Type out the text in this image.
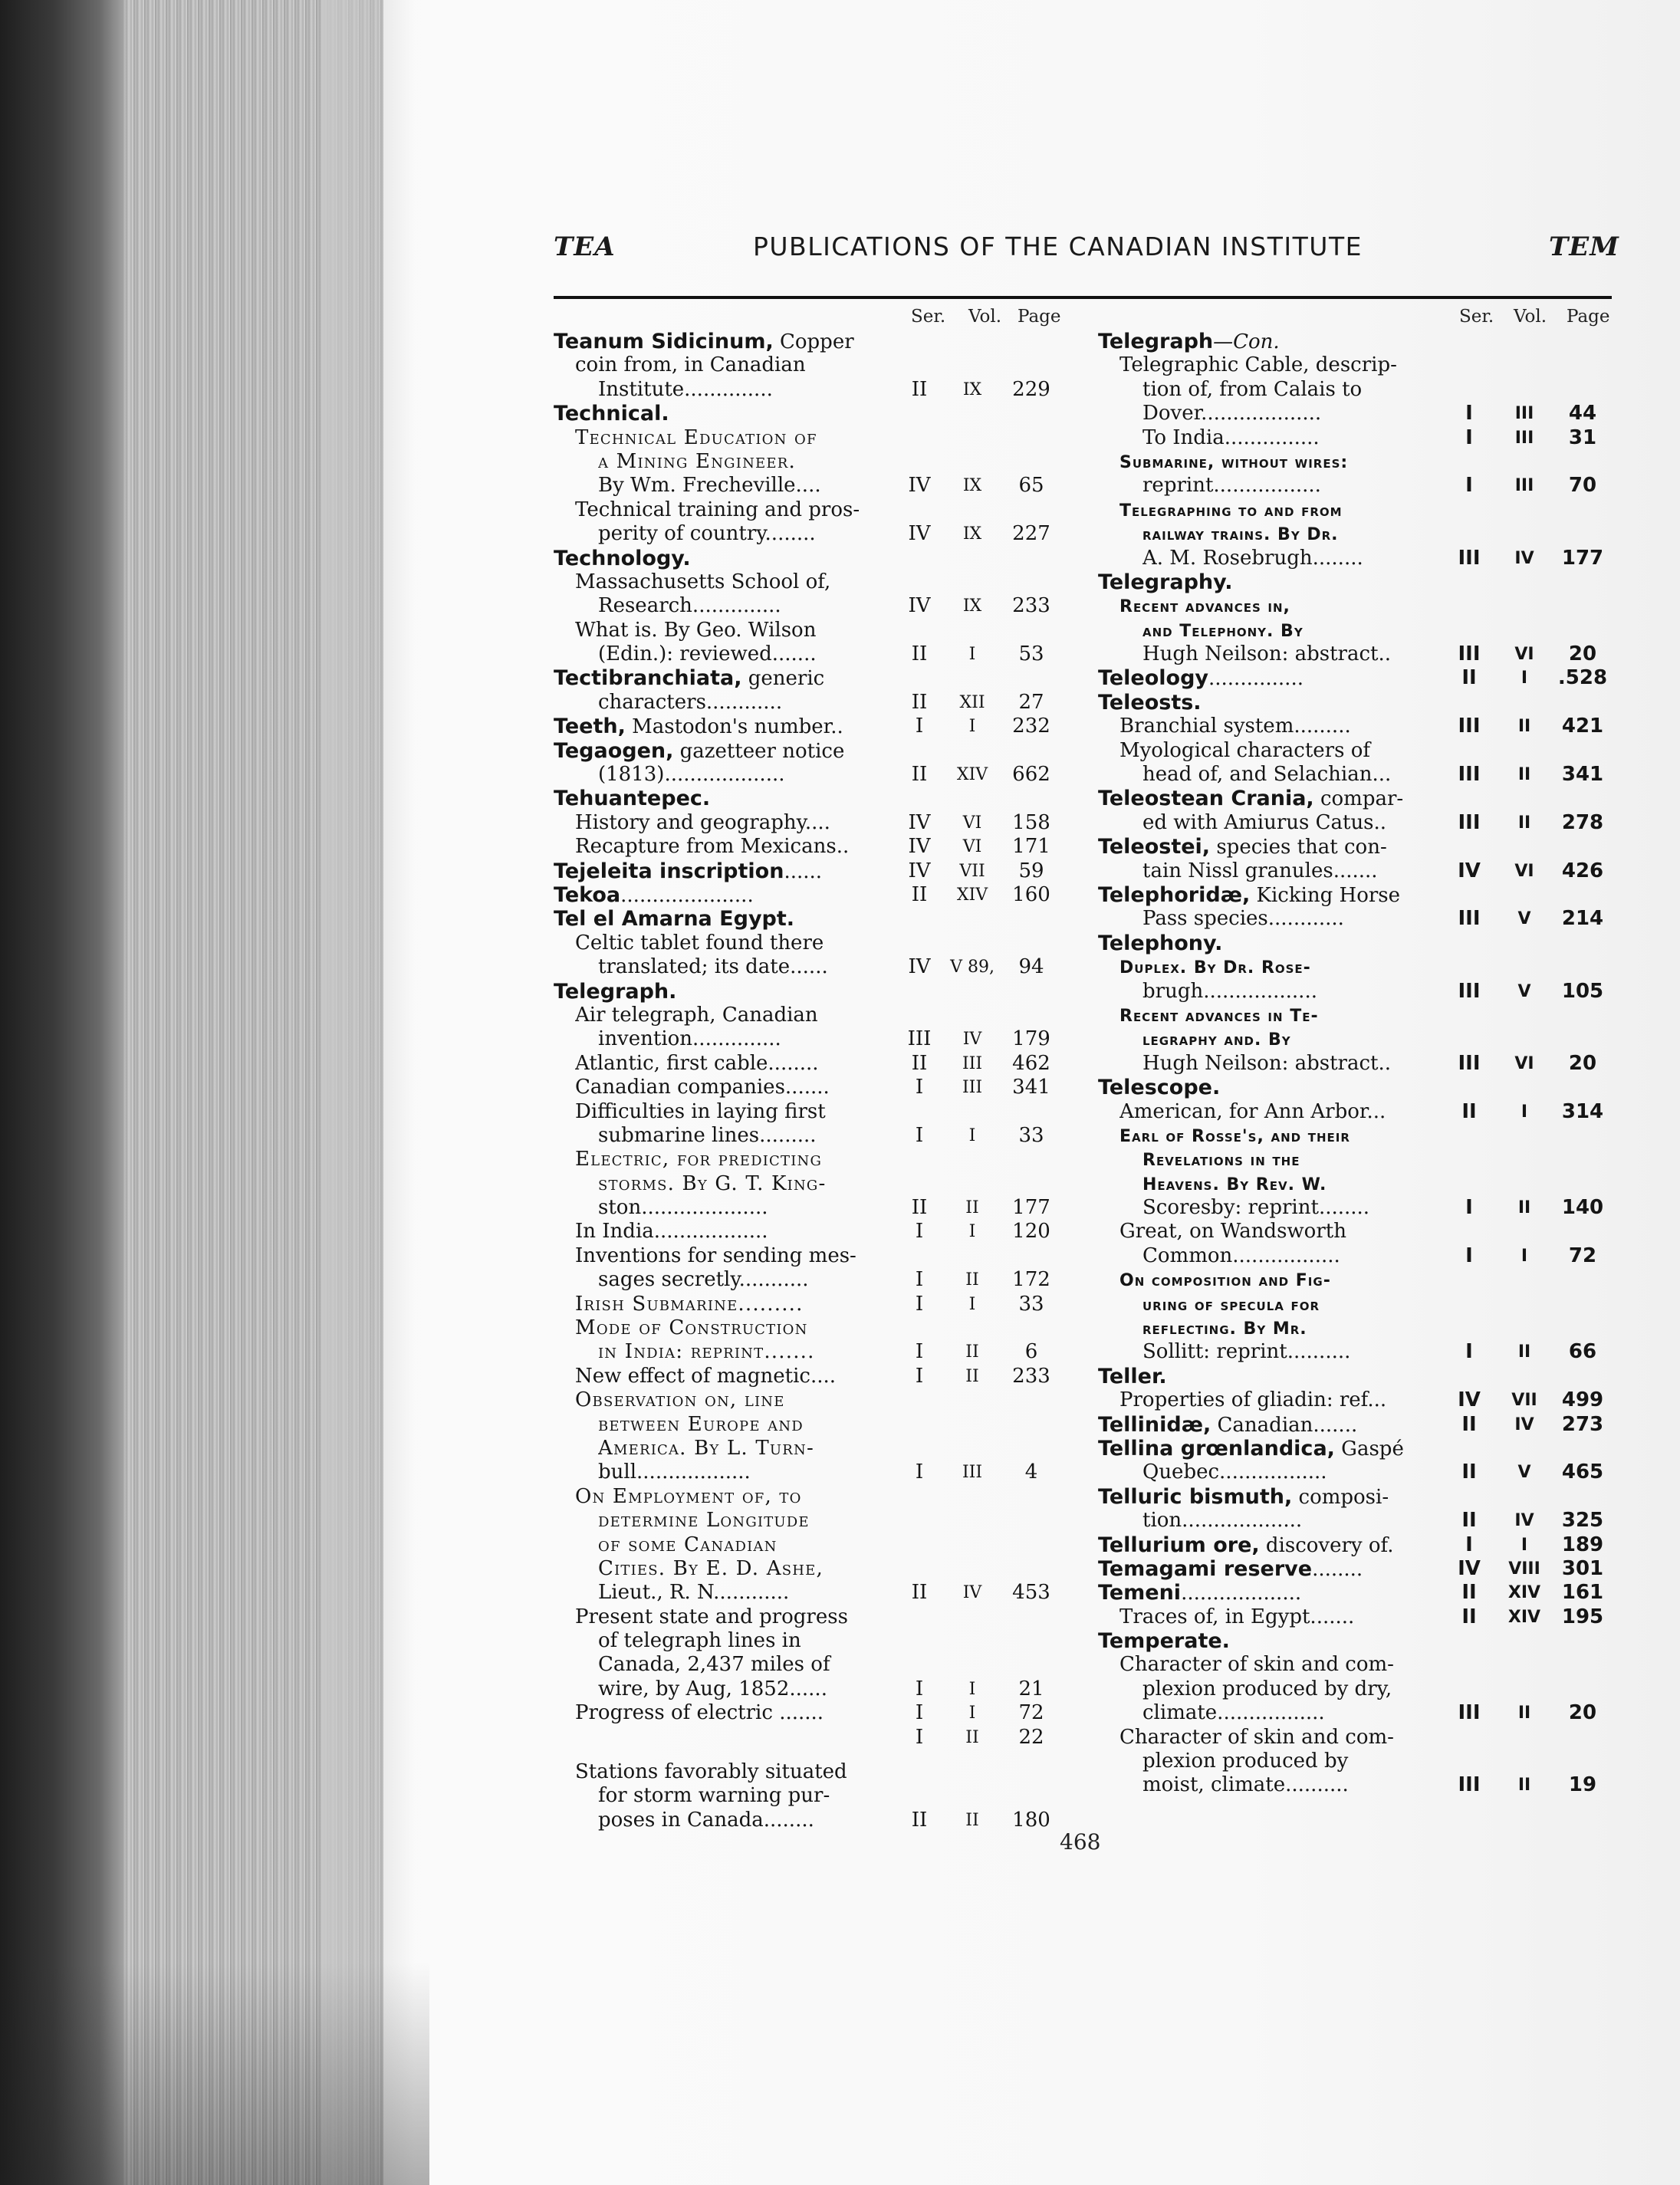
TEA	PUBLICATIONS OF THE CANADIAN INSTITUTE	TEM
Ser. Vol. Page
Teanum Sidicinum, Copper
coin from, in Canadian
Institute..............	II	IX	229
Technical.
Technical Education of
a Mining Engineer.
By Wm. Frecheville....	IV	IX	65
Technical training and pros-
perity of country........	IV	IX	227
Technology.
Massachusetts School of,
Research..............	IV	IX	233
What is. By Geo. Wilson
(Edin.): reviewed.......	II	I	53
Tectibranchiata, generic
characters............	II	XII	27
Teeth, Mastodon's number..	I	I	232
Tegaogen, gazetteer notice
(1813)...................	II	XIV	662
Tehuantepec.
History and geography....	IV	VI	158
Recapture from Mexicans..	IV	VI	171
Tejeleita inscription......	IV	VII	59
Tekoa.....................	II	XIV	160
Tel el Amarna Egypt.
Celtic tablet found there
translated; its date......	IV	V 89,	94
Telegraph.
Air telegraph, Canadian
invention..............	III	IV	179
Atlantic, first cable........	II	III	462
Canadian companies.......	I	III	341
Difficulties in laying first
submarine lines.........	I	I	33
Electric, for predicting
storms. By G. T. King-
ston....................	II	II	177
In India..................	I	I	120
Inventions for sending mes-
sages secretly...........	I	II	172
Irish Submarine.........	I	I	33
Mode of Construction
in India: reprint.......	I	II	6
New effect of magnetic....	I	II	233
Observation on, line
between Europe and
America. By L. Turn-
bull..................	I	III	4
On Employment of, to
determine Longitude
of some Canadian
Cities. By E. D. Ashe,
Lieut., R. N............	II	IV	453
Present state and progress
of telegraph lines in
Canada, 2,437 miles of
wire, by Aug, 1852......	I	I	21
Progress of electric .......	I	I	72
I	II	22
Stations favorably situated
for storm warning pur-
poses in Canada........	II	II	180
Ser. Vol. Page
Telegraph—Con.
Telegraphic Cable, descrip-
tion of, from Calais to
Dover...................	I	III	44
To India...............	I	III	31
Submarine, without wires:
reprint.................	I	III	70
Telegraphing to and from
railway trains. By Dr.
A. M. Rosebrugh........	III	IV	177
Telegraphy.
Recent advances in,
and Telephony. By
Hugh Neilson: abstract..	III	VI	20
Teleology...............	II	I	.528
Teleosts.
Branchial system.........	III	II	421
Myological characters of
head of, and Selachian...	III	II	341
Teleostean Crania, compar-
ed with Amiurus Catus..	III	II	278
Teleostei, species that con-
tain Nissl granules.......	IV	VI	426
Telephoridæ, Kicking Horse
Pass species............	III	V	214
Telephony.
Duplex. By Dr. Rose-
brugh..................	III	V	105
Recent advances in Te-
legraphy and. By
Hugh Neilson: abstract..	III	VI	20
Telescope.
American, for Ann Arbor...	II	I	314
Earl of Rosse's, and their
Revelations in the
Heavens. By Rev. W.
Scoresby: reprint........	I	II	140
Great, on Wandsworth
Common.................	I	I	72
On composition and Fig-
uring of specula for
reflecting. By Mr.
Sollitt: reprint..........	I	II	66
Teller.
Properties of gliadin: ref...	IV	VII	499
Tellinidæ, Canadian.......	II	IV	273
Tellina grœnlandica, Gaspé
Quebec.................	II	V	465
Telluric bismuth, composi-
tion...................	II	IV	325
Tellurium ore, discovery of.	I	I	189
Temagami reserve........	IV	VIII	301
Temeni...................	II	XIV	161
Traces of, in Egypt.......	II	XIV	195
Temperate.
Character of skin and com-
plexion produced by dry,
climate.................	III	II	20
Character of skin and com-
plexion produced by
moist, climate..........	III	II	19
468
